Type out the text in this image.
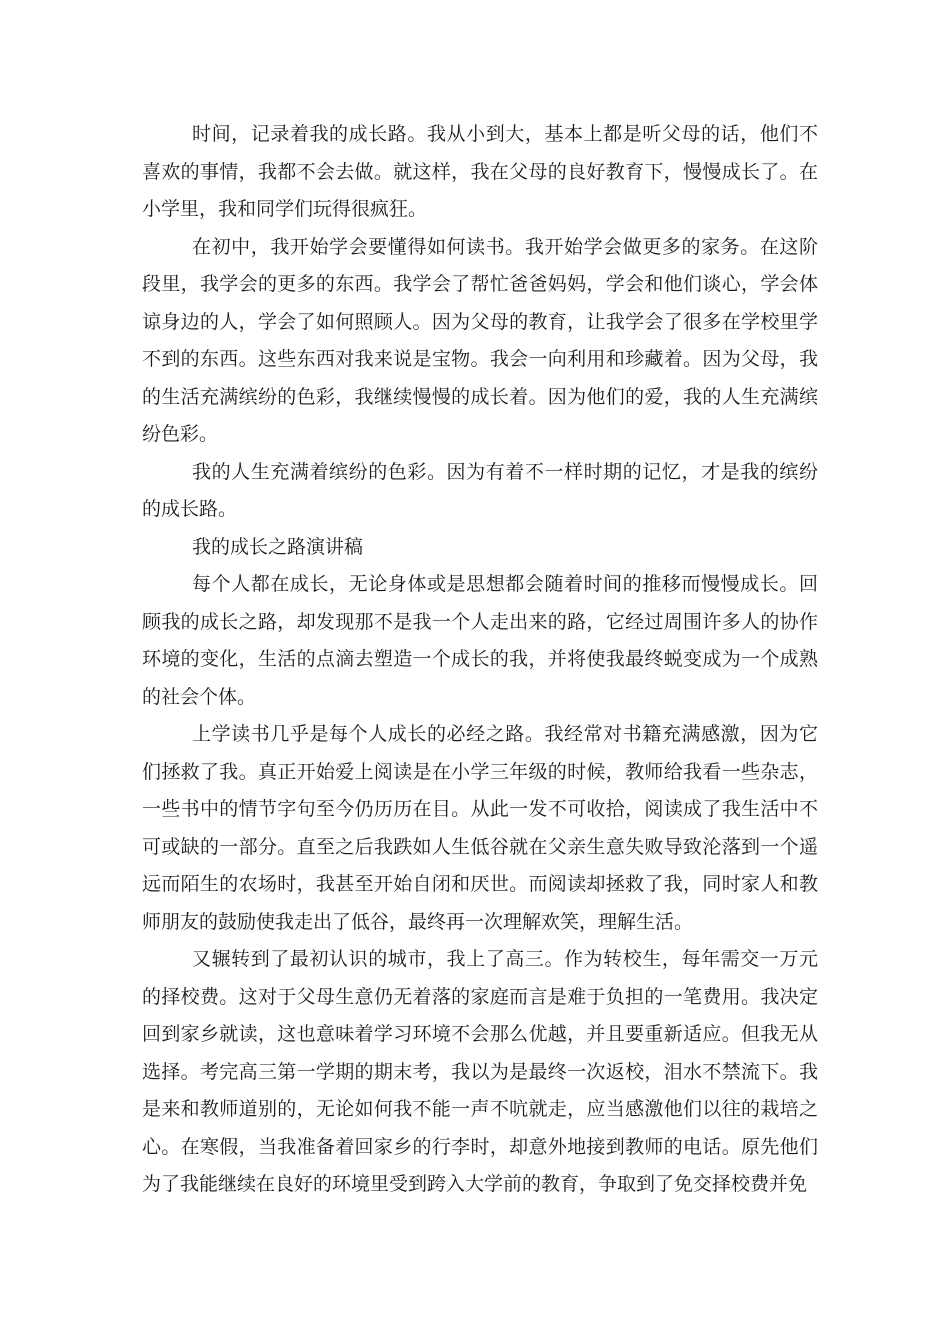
时间，记录着我的成长路。我从小到大，基本上都是听父母的话，他们不喜欢的事情，我都不会去做。就这样，我在父母的良好教育下，慢慢成长了。在小学里，我和同学们玩得很疯狂。

在初中，我开始学会要懂得如何读书。我开始学会做更多的家务。在这阶段里，我学会的更多的东西。我学会了帮忙爸爸妈妈，学会和他们谈心，学会体谅身边的人，学会了如何照顾人。因为父母的教育，让我学会了很多在学校里学不到的东西。这些东西对我来说是宝物。我会一向利用和珍藏着。因为父母，我的生活充满缤纷的色彩，我继续慢慢的成长着。因为他们的爱，我的人生充满缤纷色彩。

我的人生充满着缤纷的色彩。因为有着不一样时期的记忆，才是我的缤纷的成长路。

我的成长之路演讲稿

每个人都在成长，无论身体或是思想都会随着时间的推移而慢慢成长。回顾我的成长之路，却发现那不是我一个人走出来的路，它经过周围许多人的协作环境的变化，生活的点滴去塑造一个成长的我，并将使我最终蜕变成为一个成熟的社会个体。

上学读书几乎是每个人成长的必经之路。我经常对书籍充满感激，因为它们拯救了我。真正开始爱上阅读是在小学三年级的时候，教师给我看一些杂志，一些书中的情节字句至今仍历历在目。从此一发不可收拾，阅读成了我生活中不可或缺的一部分。直至之后我跌如人生低谷就在父亲生意失败导致沦落到一个遥远而陌生的农场时，我甚至开始自闭和厌世。而阅读却拯救了我，同时家人和教师朋友的鼓励使我走出了低谷，最终再一次理解欢笑，理解生活。

又辗转到了最初认识的城市，我上了高三。作为转校生，每年需交一万元的择校费。这对于父母生意仍无着落的家庭而言是难于负担的一笔费用。我决定回到家乡就读，这也意味着学习环境不会那么优越，并且要重新适应。但我无从选择。考完高三第一学期的期末考，我以为是最终一次返校，泪水不禁流下。我是来和教师道别的，无论如何我不能一声不吭就走，应当感激他们以往的栽培之心。在寒假，当我准备着回家乡的行李时，却意外地接到教师的电话。原先他们为了我能继续在良好的环境里受到跨入大学前的教育，争取到了免交择校费并免
